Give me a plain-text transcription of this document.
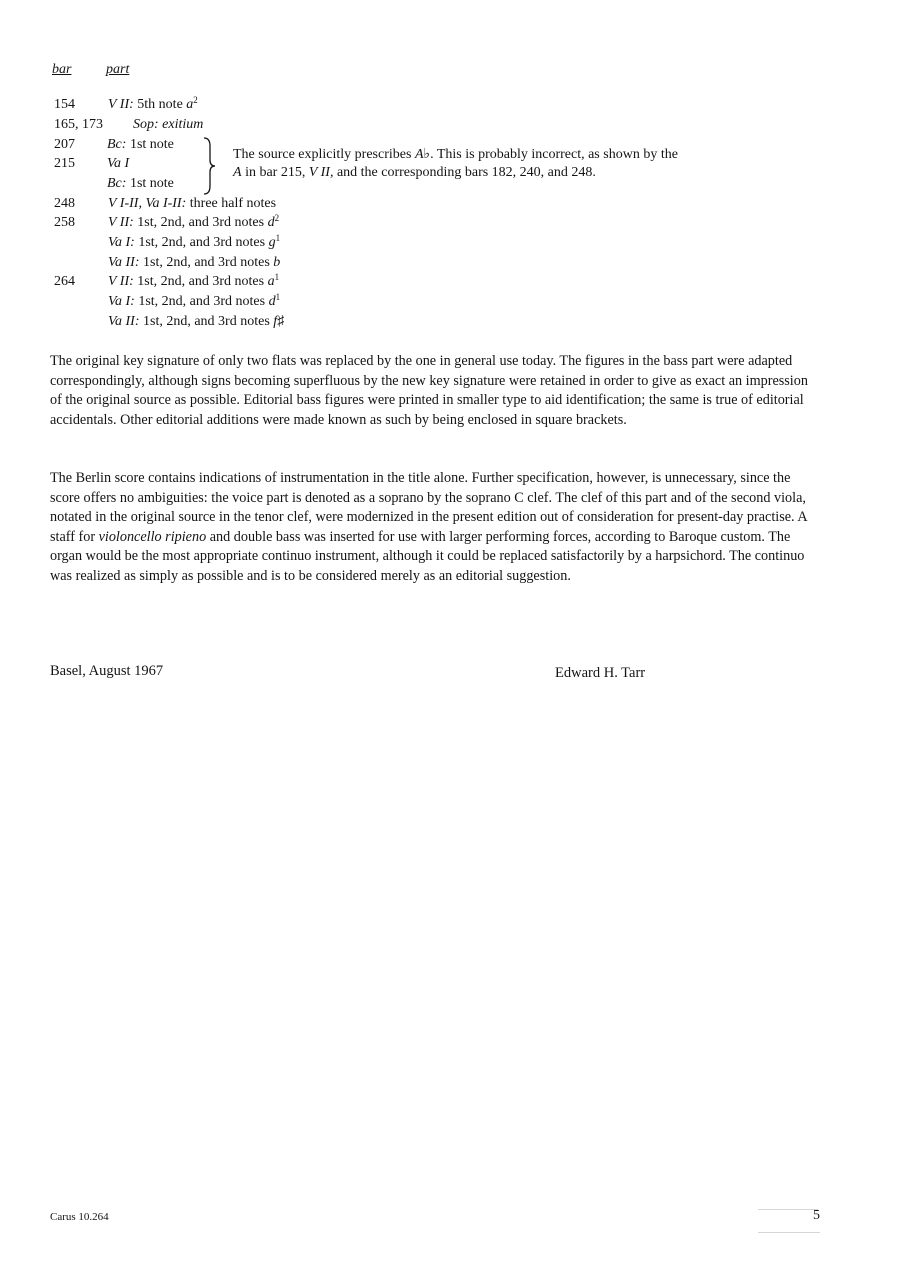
bar part
154 V II: 5th note $a^2$
165, 173 Sop: exitium
207 Bc: 1st note
215 Va I
Bc: 1st note
248 V I-II, Va I-II: three half notes
258 V II: 1st, 2nd, and 3rd notes $d^2$
Va I: 1st, 2nd, and 3rd notes $g^1$
Va II: 1st, 2nd, and 3rd notes b
264 V II: 1st, 2nd, and 3rd notes $a^1$
Va I: 1st, 2nd, and 3rd notes $d^1$
Va II: 1st, 2nd, and 3rd notes f♯
The source explicitly prescribes A♭. This is probably incorrect, as shown by the
A in bar 215, V II, and the corresponding bars 182, 240, and 248.

The original key signature of only two flats was replaced by the one in general use today. The figures in the bass part were adapted correspondingly, although signs becoming superfluous by the new key signature were retained in order to give as exact an impression of the original source as possible. Editorial bass figures were printed in smaller type to aid identification; the same is true of editorial accidentals. Other editorial additions were made known as such by being enclosed in square brackets.

The Berlin score contains indications of instrumentation in the title alone. Further specification, however, is unnecessary, since the score offers no ambiguities: the voice part is denoted as a soprano by the soprano C clef. The clef of this part and of the second viola, notated in the original source in the tenor clef, were modernized in the present edition out of consideration for present-day practise. A staff for violoncello ripieno and double bass was inserted for use with larger performing forces, according to Baroque custom. The organ would be the most appropriate continuo instrument, although it could be replaced satisfactorily by a harpsichord. The continuo was realized as simply as possible and is to be considered merely as an editorial suggestion.

Basel, August 1967	Edward H. Tarr
Carus 10.264	5
